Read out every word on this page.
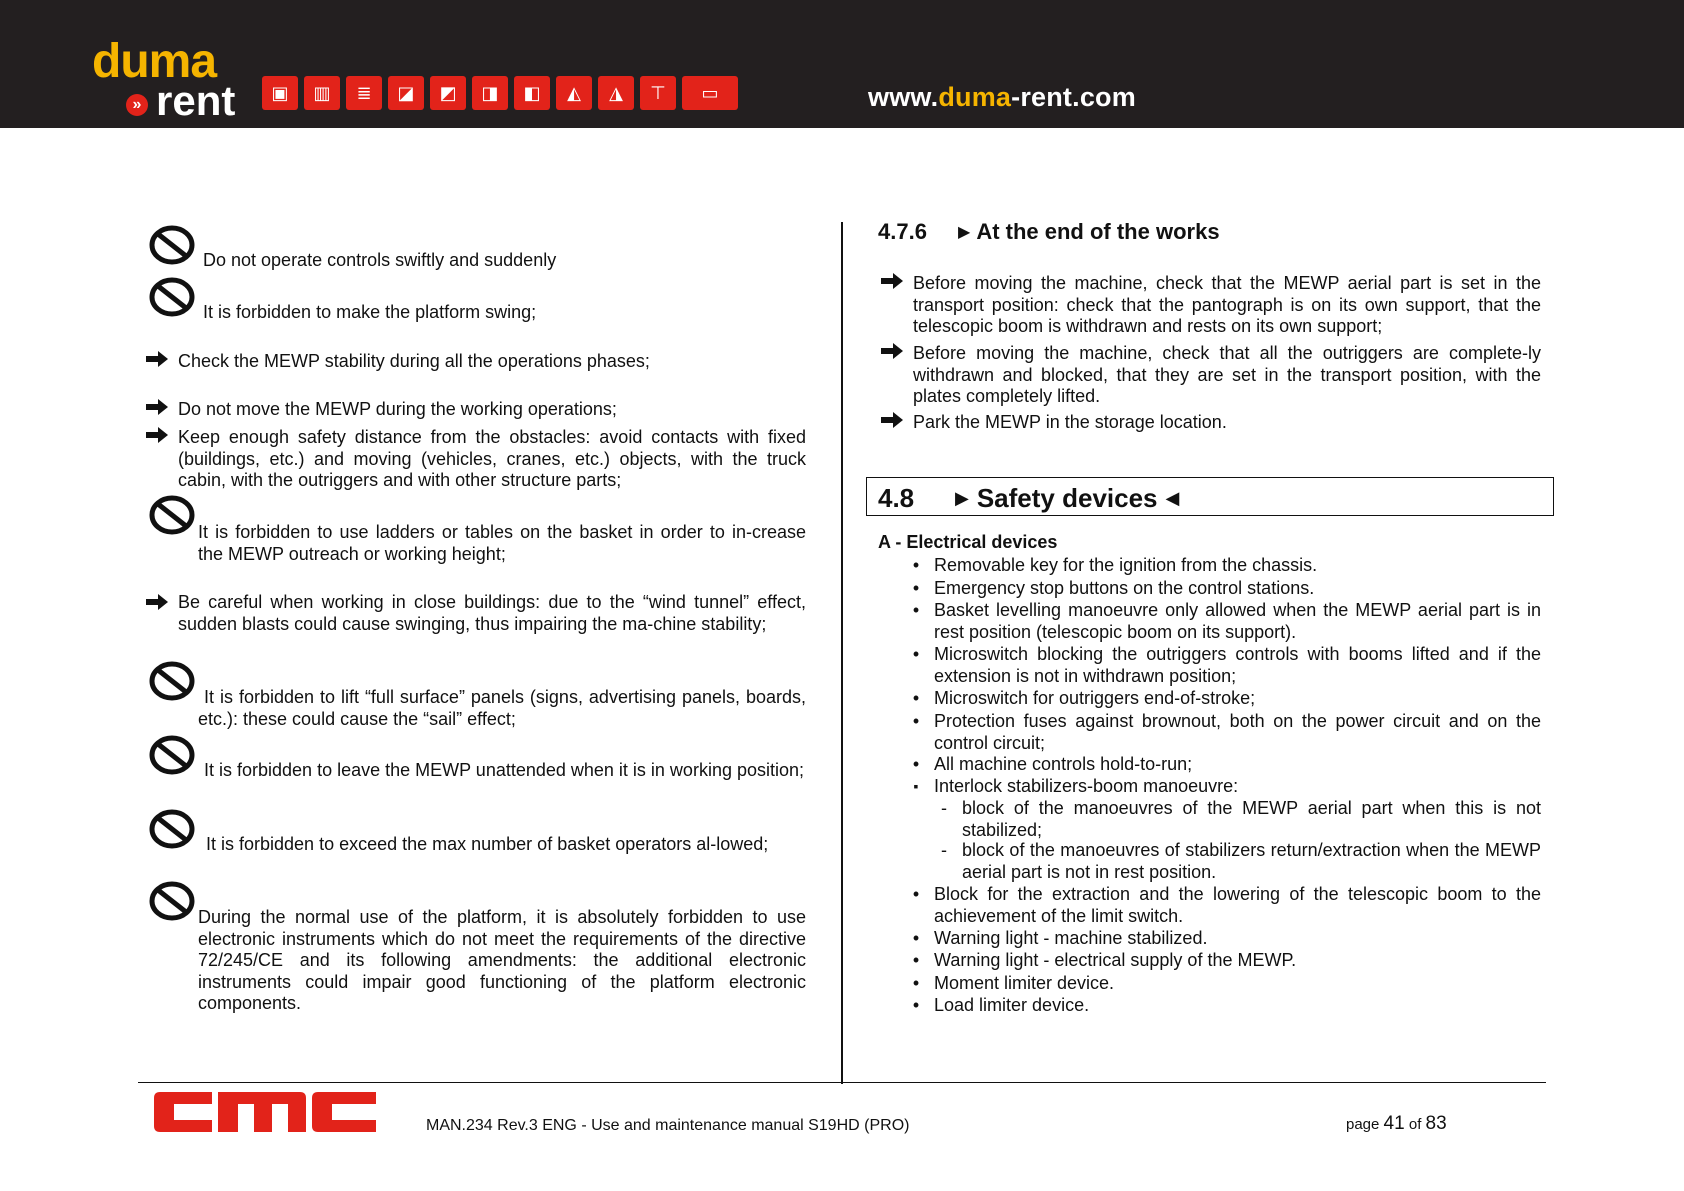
duma
» rent	▣	▥	≣	◪	◩	◨	◧	◭	◮	⊤	▭	www.duma-rent.com
Do not operate controls swiftly and suddenly
It is forbidden to make the platform swing;
Check the MEWP stability during all the operations phases;
Do not move the MEWP during the working operations;
Keep enough safety distance from the obstacles: avoid contacts with fixed (buildings, etc.) and moving (vehicles, cranes, etc.) objects, with the truck cabin, with the outriggers and with other structure parts;
It is forbidden to use ladders or tables on the basket in order to in-crease the MEWP outreach or working height;
Be careful when working in close buildings: due to the “wind tunnel” effect, sudden blasts could cause swinging, thus impairing the ma-chine stability;
It is forbidden to lift “full surface” panels (signs, advertising panels, boards, etc.): these could cause the “sail” effect;
It is forbidden to leave the MEWP unattended when it is in working position;
It is forbidden to exceed the max number of basket operators al-lowed;
During the normal use of the platform, it is absolutely forbidden to use electronic instruments which do not meet the requirements of the directive 72/245/CE and its following amendments: the additional electronic instruments could impair good functioning of the platform electronic components.
4.7.6 ▶ At the end of the works
Before moving the machine, check that the MEWP aerial part is set in the transport position: check that the pantograph is on its own support, that the telescopic boom is withdrawn and rests on its own support;
Before moving the machine, check that all the outriggers are complete-ly withdrawn and blocked, that they are set in the transport position, with the plates completely lifted.
Park the MEWP in the storage location.
4.8	▶ Safety devices ◀
A - Electrical devices
• Removable key for the ignition from the chassis.
• Emergency stop buttons on the control stations.
• Basket levelling manoeuvre only allowed when the MEWP aerial part is in rest position (telescopic boom on its support).
• Microswitch blocking the outriggers controls with booms lifted and if the extension is not in withdrawn position;
• Microswitch for outriggers end-of-stroke;
• Protection fuses against brownout, both on the power circuit and on the control circuit;
• All machine controls hold-to-run;
▪ Interlock stabilizers-boom manoeuvre:
- block of the manoeuvres of the MEWP aerial part when this is not stabilized;
- block of the manoeuvres of stabilizers return/extraction when the MEWP aerial part is not in rest position.
• Block for the extraction and the lowering of the telescopic boom to the achievement of the limit switch.
• Warning light - machine stabilized.
• Warning light - electrical supply of the MEWP.
• Moment limiter device.
• Load limiter device.
MAN.234 Rev.3 ENG - Use and maintenance manual S19HD (PRO)	page 41 of 83
